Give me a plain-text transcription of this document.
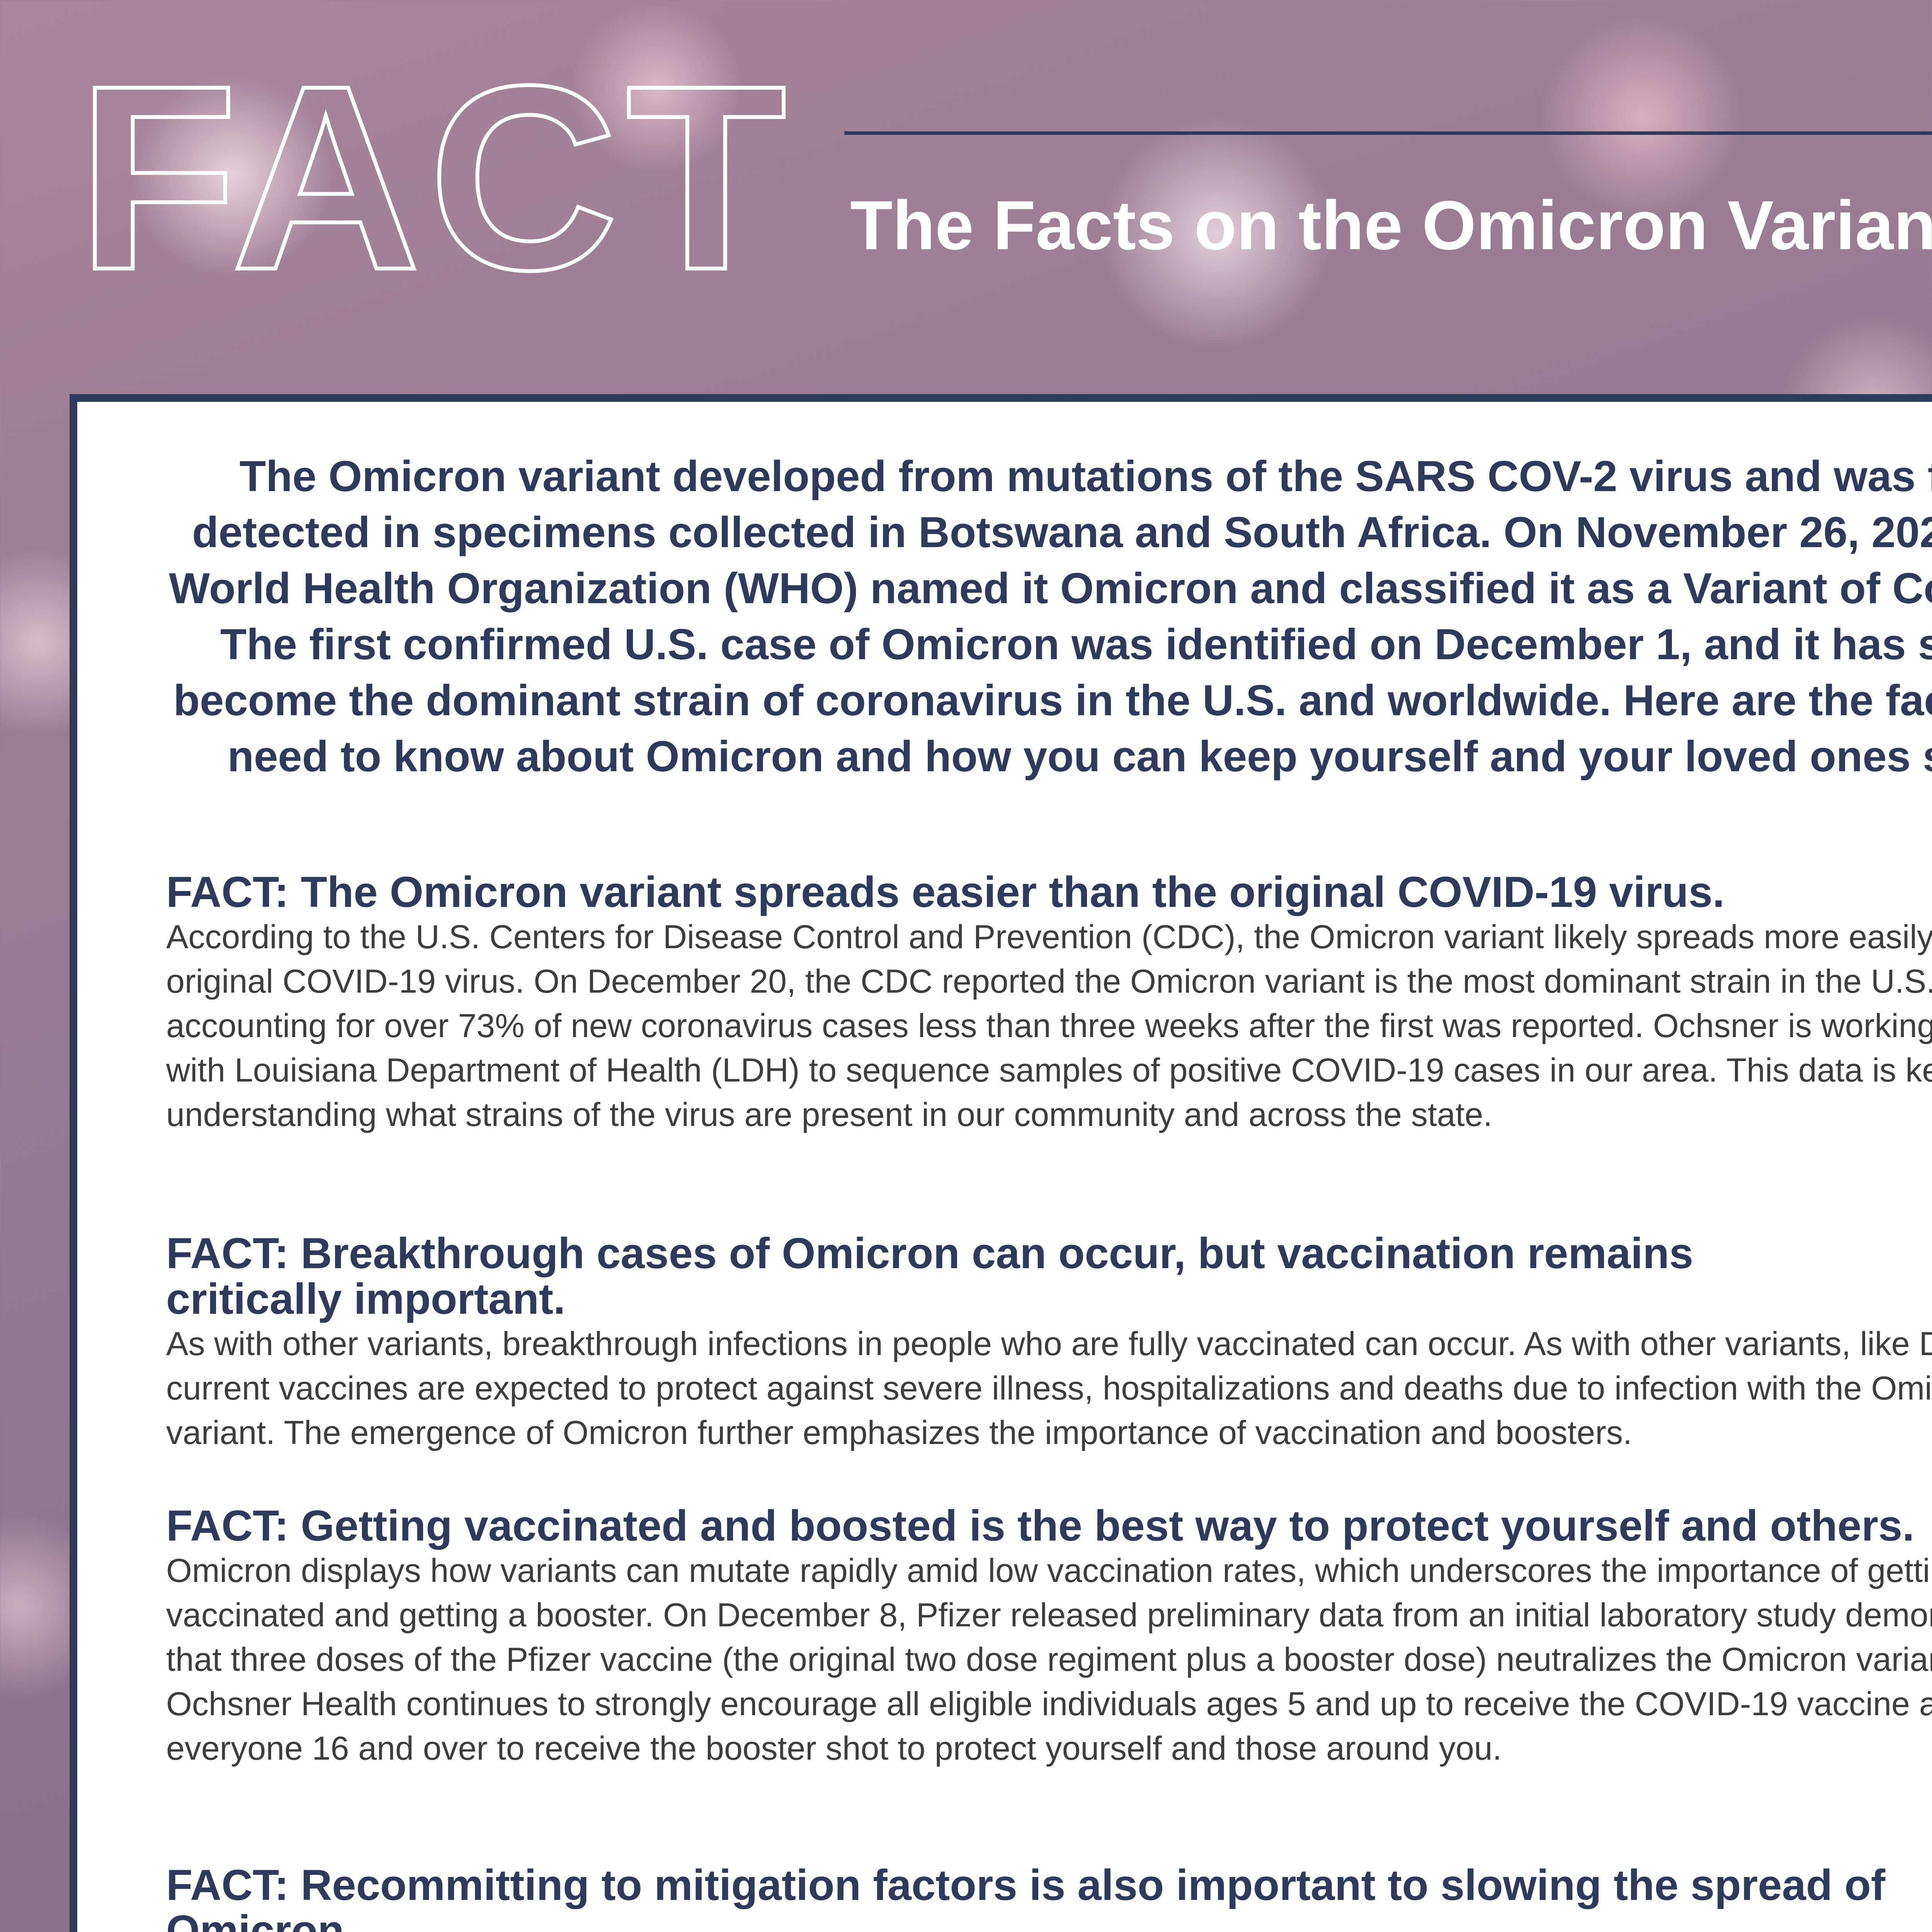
FACT The Facts on the Omicron Variant

The Omicron variant developed from mutations of the SARS COV-2 virus and was first detected in specimens collected in Botswana and South Africa. On November 26, 2021, the World Health Organization (WHO) named it Omicron and classified it as a Variant of Concern. The first confirmed U.S. case of Omicron was identified on December 1, and it has since become the dominant strain of coronavirus in the U.S. and worldwide. Here are the facts you need to know about Omicron and how you can keep yourself and your loved ones safe.

FACT: The Omicron variant spreads easier than the original COVID-19 virus.

According to the U.S. Centers for Disease Control and Prevention (CDC), the Omicron variant likely spreads more easily than the original COVID-19 virus. On December 20, the CDC reported the Omicron variant is the most dominant strain in the U.S., accounting for over 73% of new coronavirus cases less than three weeks after the first was reported. Ochsner is working closely with Louisiana Department of Health (LDH) to sequence samples of positive COVID-19 cases in our area. This data is key to understanding what strains of the virus are present in our community and across the state.

FACT: Breakthrough cases of Omicron can occur, but vaccination remains critically important.

As with other variants, breakthrough infections in people who are fully vaccinated can occur. As with other variants, like Delta, current vaccines are expected to protect against severe illness, hospitalizations and deaths due to infection with the Omicron variant. The emergence of Omicron further emphasizes the importance of vaccination and boosters.

FACT: Getting vaccinated and boosted is the best way to protect yourself and others.

Omicron displays how variants can mutate rapidly amid low vaccination rates, which underscores the importance of getting vaccinated and getting a booster. On December 8, Pfizer released preliminary data from an initial laboratory study demonstrating that three doses of the Pfizer vaccine (the original two dose regiment plus a booster dose) neutralizes the Omicron variant. Ochsner Health continues to strongly encourage all eligible individuals ages 5 and up to receive the COVID-19 vaccine and everyone 16 and over to receive the booster shot to protect yourself and those around you.

FACT: Recommitting to mitigation factors is also important to slowing the spread of Omicron.
